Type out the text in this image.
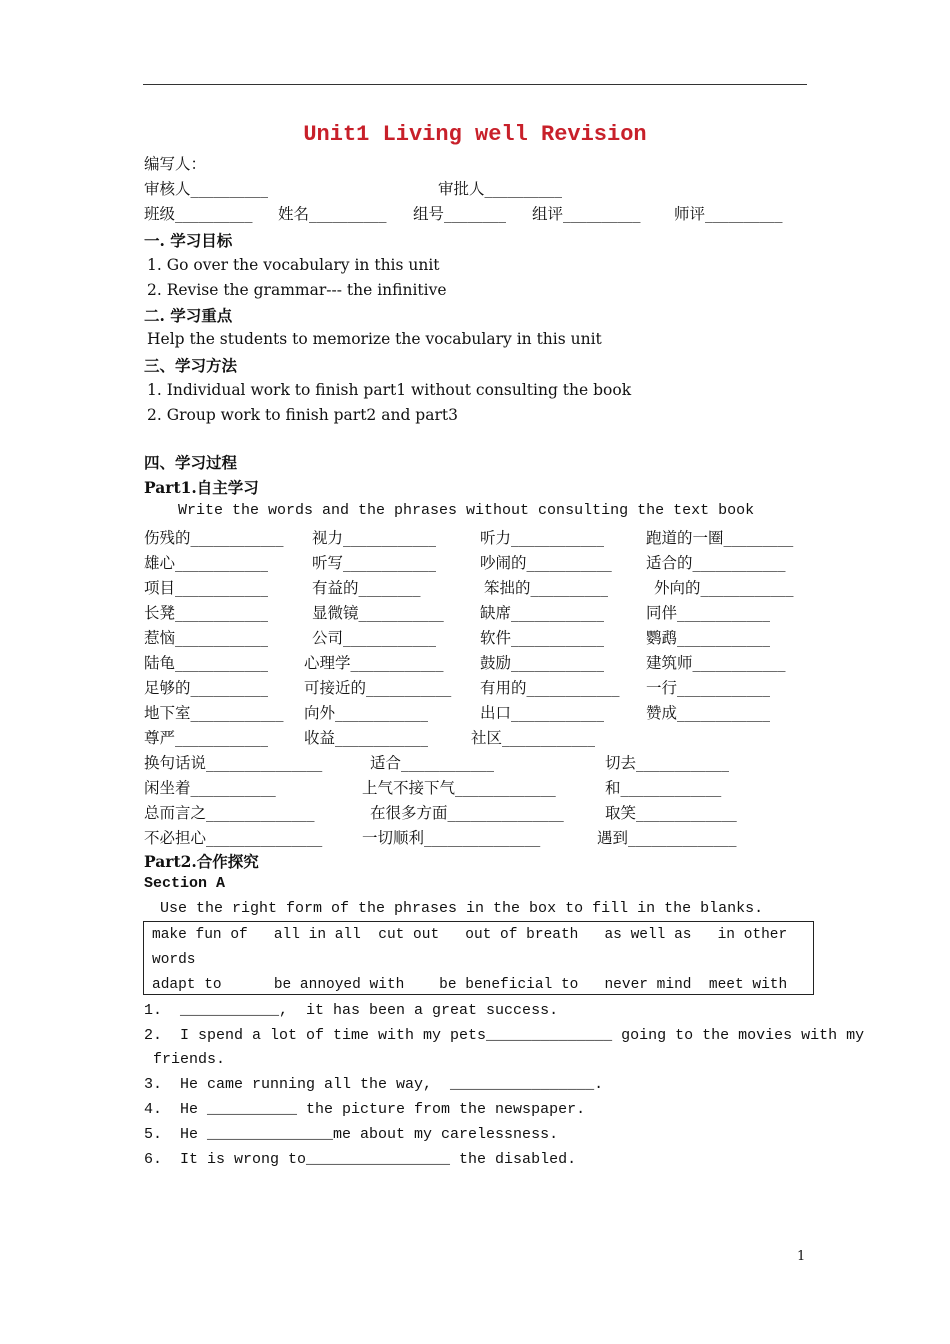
Unit1 Living well Revision
编写人：
审核人__________	审批人__________
班级__________ 姓名__________ 组号________ 组评__________ 师评__________
一. 学习目标
1. Go over the vocabulary in this unit
2. Revise the grammar--- the infinitive
二. 学习重点
Help the students to memorize the vocabulary in this unit
三、学习方法
1. Individual work to finish part1 without consulting the book
2. Group work to finish part2 and part3
四、学习过程
Part1.自主学习
Write the words and the phrases without consulting the text book
伤残的____________ 视力____________	听力____________	跑道的一圈_________
雄心____________	听写____________	吵闹的___________ 适合的____________
项目____________	有益的________	笨拙的__________	外向的____________
长凳____________	显微镜___________ 缺席____________	同伴____________
惹恼____________	公司____________	软件____________	鹦鹉____________
陆龟____________ 心理学____________ 鼓励____________	建筑师____________
足够的__________ 可接近的___________ 有用的____________ 一行____________
地下室____________ 向外____________	出口____________	赞成____________
尊严____________ 收益____________	社区____________
换句话说_______________	适合____________	切去____________
闲坐着___________	上气不接下气_____________	和_____________
总而言之______________	在很多方面_______________	取笑_____________
不必担心_______________	一切顺利_______________	遇到______________
Part2.合作探究
Section A
Use the right form of the phrases in the box to fill in the blanks.
make fun of   all in all  cut out   out of breath   as well as   in other
words
adapt to      be annoyed with    be beneficial to   never mind  meet with
1.  ___________,  it has been a great success.
2.  I spend a lot of time with my pets______________ going to the movies with my
friends.
3.  He came running all the way,  ________________.
4.  He __________ the picture from the newspaper.
5.  He ______________me about my carelessness.
6.  It is wrong to________________ the disabled.
1
